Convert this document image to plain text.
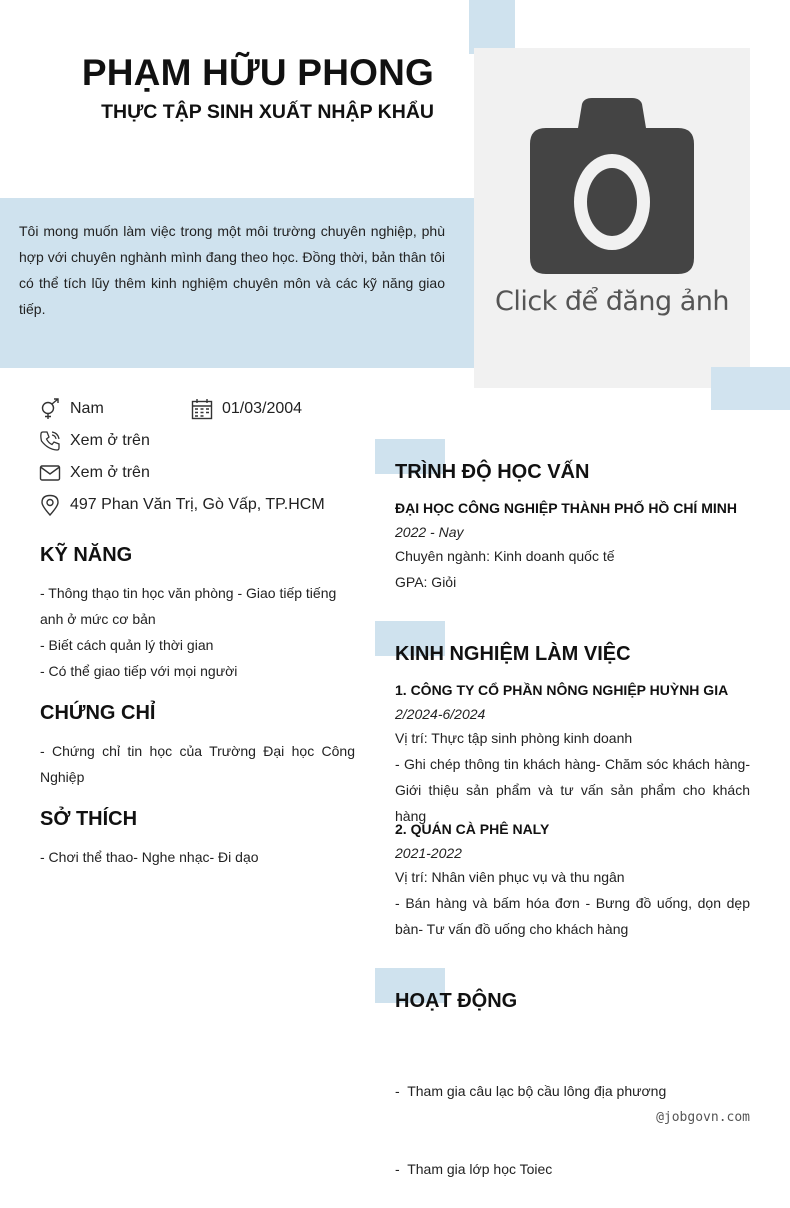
PHẠM HỮU PHONG
THỰC TẬP SINH XUẤT NHẬP KHẨU

Tôi mong muốn làm việc trong một môi trường chuyên nghiệp, phù hợp với chuyên nghành mình đang theo học. Đồng thời, bản thân tôi có thể tích lũy thêm kinh nghiệm chuyên môn và các kỹ năng giao tiếp.	Click để đăng ảnh
Nam	01/03/2004
Xem ở trên
Xem ở trên
497 Phan Văn Trị, Gò Vấp, TP.HCM
KỸ NĂNG
- Thông thạo tin học văn phòng - Giao tiếp tiếng anh ở mức cơ bản
- Biết cách quản lý thời gian
- Có thể giao tiếp với mọi người
CHỨNG CHỈ
- Chứng chỉ tin học của Trường Đại học Công Nghiệp
SỞ THÍCH
- Chơi thể thao- Nghe nhạc- Đi dạo
TRÌNH ĐỘ HỌC VẤN
ĐẠI HỌC CÔNG NGHIỆP THÀNH PHỐ HỒ CHÍ MINH
2022 - Nay
Chuyên ngành: Kinh doanh quốc tế
GPA: Giỏi
KINH NGHIỆM LÀM VIỆC
1. CÔNG TY CỔ PHẦN NÔNG NGHIỆP HUỲNH GIA
2/2024-6/2024
Vị trí: Thực tập sinh phòng kinh doanh
- Ghi chép thông tin khách hàng- Chăm sóc khách hàng- Giới thiệu sản phẩm và tư vấn sản phẩm cho khách hàng
2. QUÁN CÀ PHÊ NALY
2021-2022
Vị trí: Nhân viên phục vụ và thu ngân
- Bán hàng và bấm hóa đơn - Bưng đồ uống, dọn dẹp bàn- Tư vấn đồ uống cho khách hàng
HOẠT ĐỘNG

-  Tham gia câu lạc bộ cầu lông địa phương

-  Tham gia lớp học Toiec

@jobgovn.com
